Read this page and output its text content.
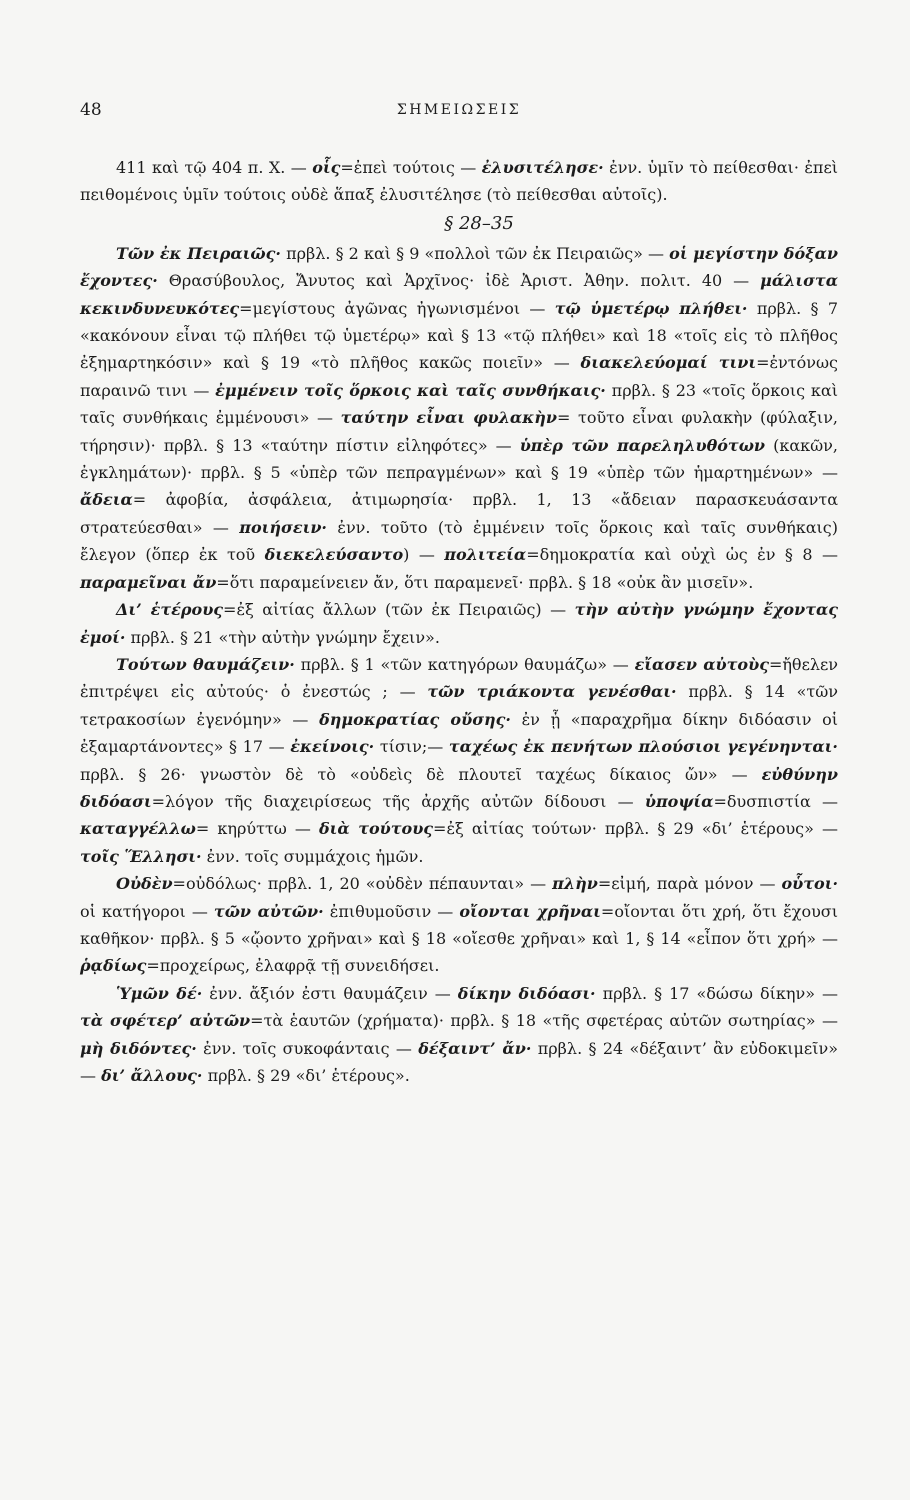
48	ΣΗΜΕΙΩΣΕΙΣ

411 καὶ τῷ 404 π. Χ. — οἷς=ἐπεὶ τούτοις — ἐλυσιτέλησε· ἐνν. ὑμῖν τὸ πείθεσθαι· ἐπεὶ πειθομένοις ὑμῖν τούτοις οὐδὲ ἅπαξ ἐλυσιτέλησε (τὸ πείθεσθαι αὐτοῖς).

§ 28–35

Τῶν ἐκ Πειραιῶς· πρβλ. § 2 καὶ § 9 «πολλοὶ τῶν ἐκ Πειραιῶς» — οἱ μεγίστην δόξαν ἔχοντες· Θρασύβουλος, Ἄνυτος καὶ Ἀρχῖνος· ἰδὲ Ἀριστ. Ἀθην. πολιτ. 40 — μάλιστα κεκινδυνευκότες=μεγίστους ἀγῶνας ἠγωνισμένοι — τῷ ὑμετέρῳ πλήθει· πρβλ. § 7 «κακόνουν εἶναι τῷ πλήθει τῷ ὑμετέρῳ» καὶ § 13 «τῷ πλήθει» καὶ 18 «τοῖς εἰς τὸ πλῆθος ἐξημαρτηκόσιν» καὶ § 19 «τὸ πλῆθος κακῶς ποιεῖν» — διακελεύομαί τινι=ἐντόνως παραινῶ τινι — ἐμμένειν τοῖς ὅρκοις καὶ ταῖς συνθήκαις· πρβλ. § 23 «τοῖς ὅρκοις καὶ ταῖς συνθήκαις ἐμμένουσι» — ταύτην εἶναι φυλακὴν= τοῦτο εἶναι φυλακὴν (φύλαξιν, τήρησιν)· πρβλ. § 13 «ταύτην πίστιν εἰληφότες» — ὑπὲρ τῶν παρεληλυθότων (κακῶν, ἐγκλημάτων)· πρβλ. § 5 «ὑπὲρ τῶν πεπραγμένων» καὶ § 19 «ὑπὲρ τῶν ἡμαρτημένων» — ἄδεια= ἀφοβία, ἀσφάλεια, ἀτιμωρησία· πρβλ. 1, 13 «ἄδειαν παρασκευάσαντα στρατεύεσθαι» — ποιήσειν· ἐνν. τοῦτο (τὸ ἐμμένειν τοῖς ὅρκοις καὶ ταῖς συνθήκαις) ἔλεγον (ὅπερ ἐκ τοῦ διεκελεύσαντο) — πολιτεία=δημοκρατία καὶ οὐχὶ ὡς ἐν § 8 — παραμεῖναι ἄν=ὅτι παραμείνειεν ἄν, ὅτι παραμενεῖ· πρβλ. § 18 «οὐκ ἂν μισεῖν».

Δι’ ἑτέρους=ἐξ αἰτίας ἄλλων (τῶν ἐκ Πειραιῶς) — τὴν αὐτὴν γνώμην ἔχοντας ἐμοί· πρβλ. § 21 «τὴν αὐτὴν γνώμην ἔχειν».

Τούτων θαυμάζειν· πρβλ. § 1 «τῶν κατηγόρων θαυμάζω» — εἴασεν αὐτοὺς=ἤθελεν ἐπιτρέψει εἰς αὐτούς· ὁ ἐνεστώς ; — τῶν τριάκοντα γενέσθαι· πρβλ. § 14 «τῶν τετρακοσίων ἐγενόμην» — δημοκρατίας οὔσης· ἐν ᾗ «παραχρῆμα δίκην διδόασιν οἱ ἐξαμαρτάνοντες» § 17 — ἐκείνοις· τίσιν;— ταχέως ἐκ πενήτων πλούσιοι γεγένηνται· πρβλ. § 26· γνωστὸν δὲ τὸ «οὐδεὶς δὲ πλουτεῖ ταχέως δίκαιος ὤν» — εὐθύνην διδόασι=λόγον τῆς διαχειρίσεως τῆς ἀρχῆς αὐτῶν δίδουσι — ὑποψία=δυσπιστία — καταγγέλλω= κηρύττω — διὰ τούτους=ἐξ αἰτίας τούτων· πρβλ. § 29 «δι’ ἑτέρους» — τοῖς Ἕλλησι· ἐνν. τοῖς συμμάχοις ἡμῶν.

Οὐδὲν=οὐδόλως· πρβλ. 1, 20 «οὐδὲν πέπαυνται» — πλὴν=εἰμή, παρὰ μόνον — οὗτοι· οἱ κατήγοροι — τῶν αὐτῶν· ἐπιθυμοῦσιν — οἴονται χρῆναι=οἴονται ὅτι χρή, ὅτι ἔχουσι καθῆκον· πρβλ. § 5 «ᾤοντο χρῆναι» καὶ § 18 «οἴεσθε χρῆναι» καὶ 1, § 14 «εἶπον ὅτι χρή» — ῥᾳδίως=προχείρως, ἐλαφρᾷ τῇ συνειδήσει.

Ὑμῶν δέ· ἐνν. ἄξιόν ἐστι θαυμάζειν — δίκην διδόασι· πρβλ. § 17 «δώσω δίκην» — τὰ σφέτερ’ αὐτῶν=τὰ ἑαυτῶν (χρήματα)· πρβλ. § 18 «τῆς σφετέρας αὐτῶν σωτηρίας» — μὴ διδόντες· ἐνν. τοῖς συκοφάνταις — δέξαιντ’ ἄν· πρβλ. § 24 «δέξαιντ’ ἂν εὐδοκιμεῖν» — δι’ ἄλλους· πρβλ. § 29 «δι’ ἑτέρους».
